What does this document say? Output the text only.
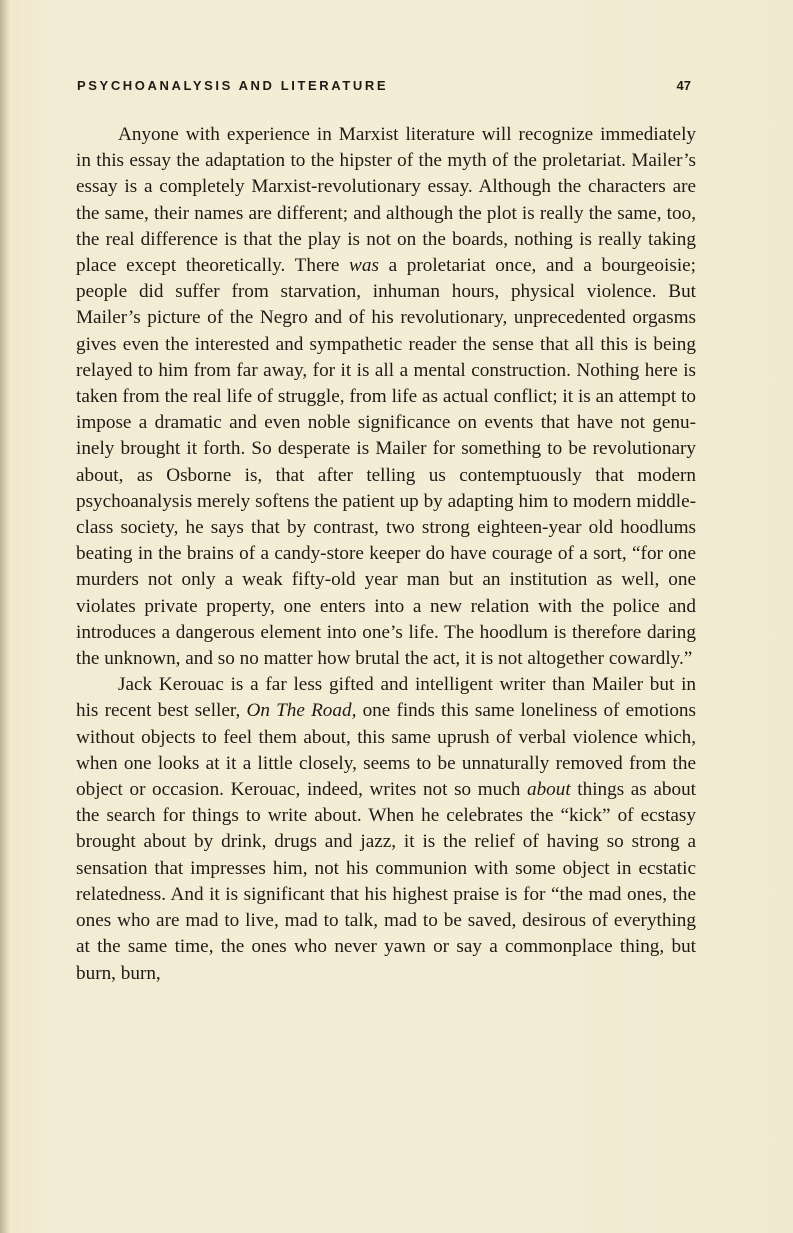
PSYCHOANALYSIS AND LITERATURE	47

Anyone with experience in Marxist literature will recognize immediately in this essay the adaptation to the hipster of the myth of the proletariat. Mailer’s essay is a completely Marxist-revolutionary essay. Although the characters are the same, their names are different; and although the plot is really the same, too, the real difference is that the play is not on the boards, nothing is really taking place except theoretically. There was a proletariat once, and a bourgeoisie; people did suffer from starvation, inhuman hours, physical violence. But Mailer’s picture of the Negro and of his revolutionary, unprecedented orgasms gives even the interested and sympathetic reader the sense that all this is being relayed to him from far away, for it is all a mental construction. Nothing here is taken from the real life of struggle, from life as actual conflict; it is an attempt to impose a dramatic and even noble significance on events that have not genuinely brought it forth. So desperate is Mailer for something to be revolutionary about, as Osborne is, that after telling us contemptuously that modern psychoanalysis merely softens the patient up by adapting him to modern middle-class society, he says that by contrast, two strong eighteen-year old hoodlums beating in the brains of a candy-store keeper do have courage of a sort, “for one murders not only a weak fifty-old year man but an institution as well, one violates private property, one enters into a new relation with the police and introduces a dangerous element into one’s life. The hoodlum is therefore daring the unknown, and so no matter how brutal the act, it is not altogether cowardly.”

Jack Kerouac is a far less gifted and intelligent writer than Mailer but in his recent best seller, On The Road, one finds this same loneliness of emotions without objects to feel them about, this same uprush of verbal violence which, when one looks at it a little closely, seems to be unnaturally removed from the object or occasion. Kerouac, indeed, writes not so much about things as about the search for things to write about. When he celebrates the “kick” of ecstasy brought about by drink, drugs and jazz, it is the relief of having so strong a sensation that impresses him, not his communion with some object in ecstatic relatedness. And it is significant that his highest praise is for “the mad ones, the ones who are mad to live, mad to talk, mad to be saved, desirous of everything at the same time, the ones who never yawn or say a commonplace thing, but burn, burn,
